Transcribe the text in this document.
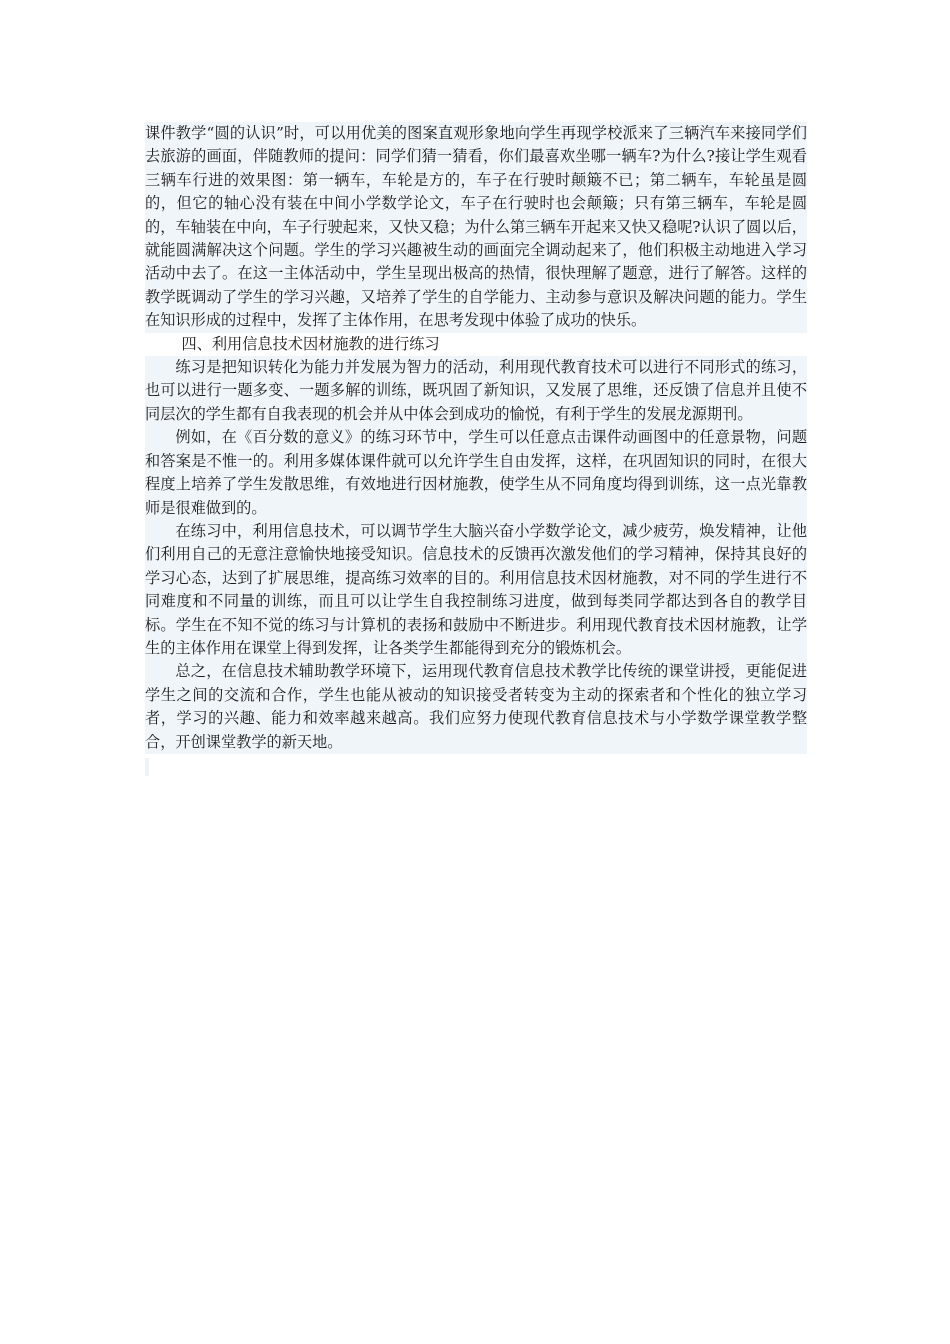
课件教学“圆的认识”时，可以用优美的图案直观形象地向学生再现学校派来了三辆汽车来接同学们去旅游的画面，伴随教师的提问：同学们猜一猜看，你们最喜欢坐哪一辆车?为什么?接让学生观看三辆车行进的效果图：第一辆车，车轮是方的，车子在行驶时颠簸不已；第二辆车，车轮虽是圆的，但它的轴心没有装在中间小学数学论文，车子在行驶时也会颠簸；只有第三辆车，车轮是圆的，车轴装在中向，车子行驶起来，又快又稳；为什么第三辆车开起来又快又稳呢?认识了圆以后，就能圆满解决这个问题。学生的学习兴趣被生动的画面完全调动起来了，他们积极主动地进入学习活动中去了。在这一主体活动中，学生呈现出极高的热情，很快理解了题意，进行了解答。这样的教学既调动了学生的学习兴趣，又培养了学生的自学能力、主动参与意识及解决问题的能力。学生在知识形成的过程中，发挥了主体作用，在思考发现中体验了成功的快乐。

四、利用信息技术因材施教的进行练习

练习是把知识转化为能力并发展为智力的活动，利用现代教育技术可以进行不同形式的练习，也可以进行一题多变、一题多解的训练，既巩固了新知识，又发展了思维，还反馈了信息并且使不同层次的学生都有自我表现的机会并从中体会到成功的愉悦，有利于学生的发展龙源期刊。

例如，在《百分数的意义》的练习环节中，学生可以任意点击课件动画图中的任意景物，问题和答案是不惟一的。利用多媒体课件就可以允许学生自由发挥，这样，在巩固知识的同时，在很大程度上培养了学生发散思维，有效地进行因材施教，使学生从不同角度均得到训练，这一点光靠教师是很难做到的。

在练习中，利用信息技术，可以调节学生大脑兴奋小学数学论文，减少疲劳，焕发精神，让他们利用自己的无意注意愉快地接受知识。信息技术的反馈再次激发他们的学习精神，保持其良好的学习心态，达到了扩展思维，提高练习效率的目的。利用信息技术因材施教，对不同的学生进行不同难度和不同量的训练，而且可以让学生自我控制练习进度，做到每类同学都达到各自的教学目标。学生在不知不觉的练习与计算机的表扬和鼓励中不断进步。利用现代教育技术因材施教，让学生的主体作用在课堂上得到发挥，让各类学生都能得到充分的锻炼机会。

总之，在信息技术辅助教学环境下，运用现代教育信息技术教学比传统的课堂讲授，更能促进学生之间的交流和合作，学生也能从被动的知识接受者转变为主动的探索者和个性化的独立学习者，学习的兴趣、能力和效率越来越高。我们应努力使现代教育信息技术与小学数学课堂教学整合，开创课堂教学的新天地。
